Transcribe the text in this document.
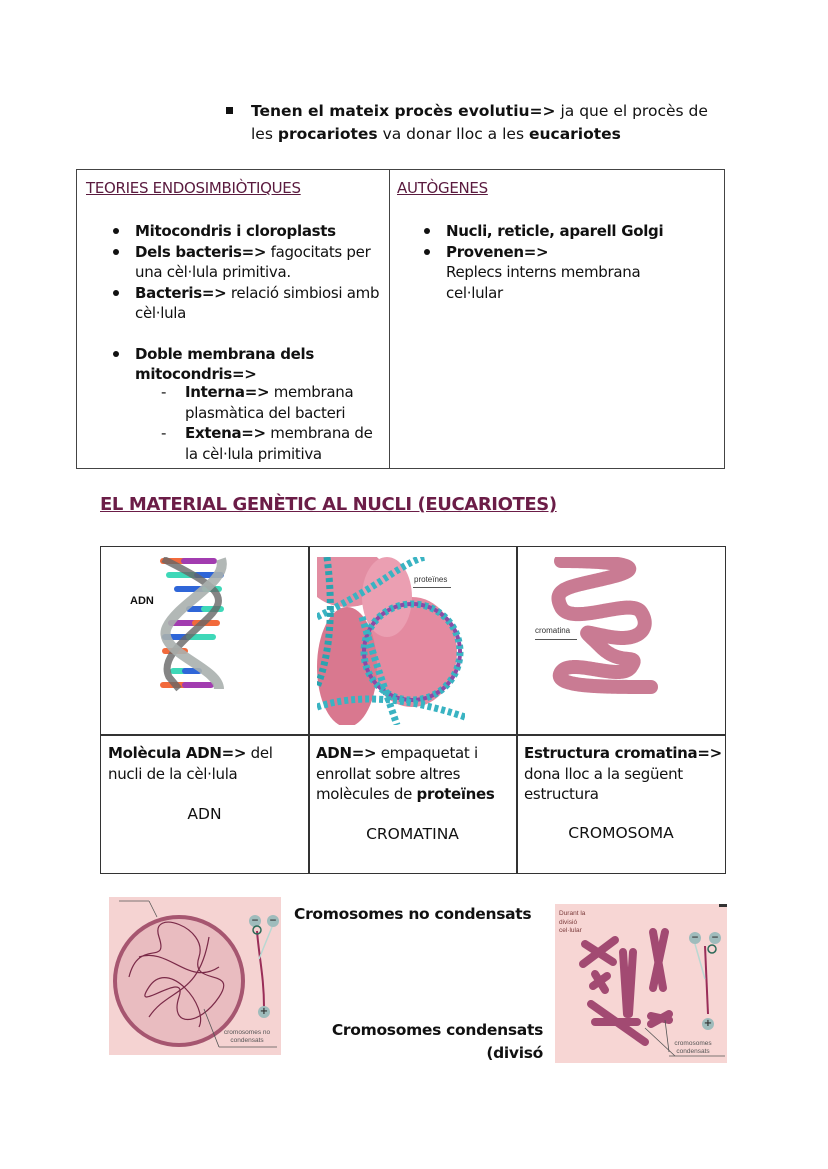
Tenen el mateix procès evolutiu=> ja que el procès de les procariotes va donar lloc a les eucariotes
TEORIES ENDOSIMBIÒTIQUES
Mitocondris i cloroplasts
Dels bacteris=> fagocitats per una cèl·lula primitiva.
Bacteris=> relació simbiosi amb cèl·lula
Doble membrana dels mitocondris=>
- Interna=> membrana plasmàtica del bacteri
- Extena=> membrana de la cèl·lula primitiva
AUTÒGENES
Nucli, reticle, aparell Golgi
Provenen=>
Replecs interns membrana cel·lular
EL MATERIAL GENÈTIC AL NUCLI (EUCARIOTES)
ADN
proteïnes
cromatina
Molècula ADN=> del nucli de la cèl·lula
ADN
ADN=> empaquetat i enrollat sobre altres molècules de proteïnes
CROMATINA
Estructura cromatina=> dona lloc a la següent estructura
CROMOSOMA
cromosomes no
condensats
− −
+
Cromosomes no condensats
Cromosomes condensats
(divisó
Durant la
divisió
cel·lular
cromosomes
condensats
− −
+
